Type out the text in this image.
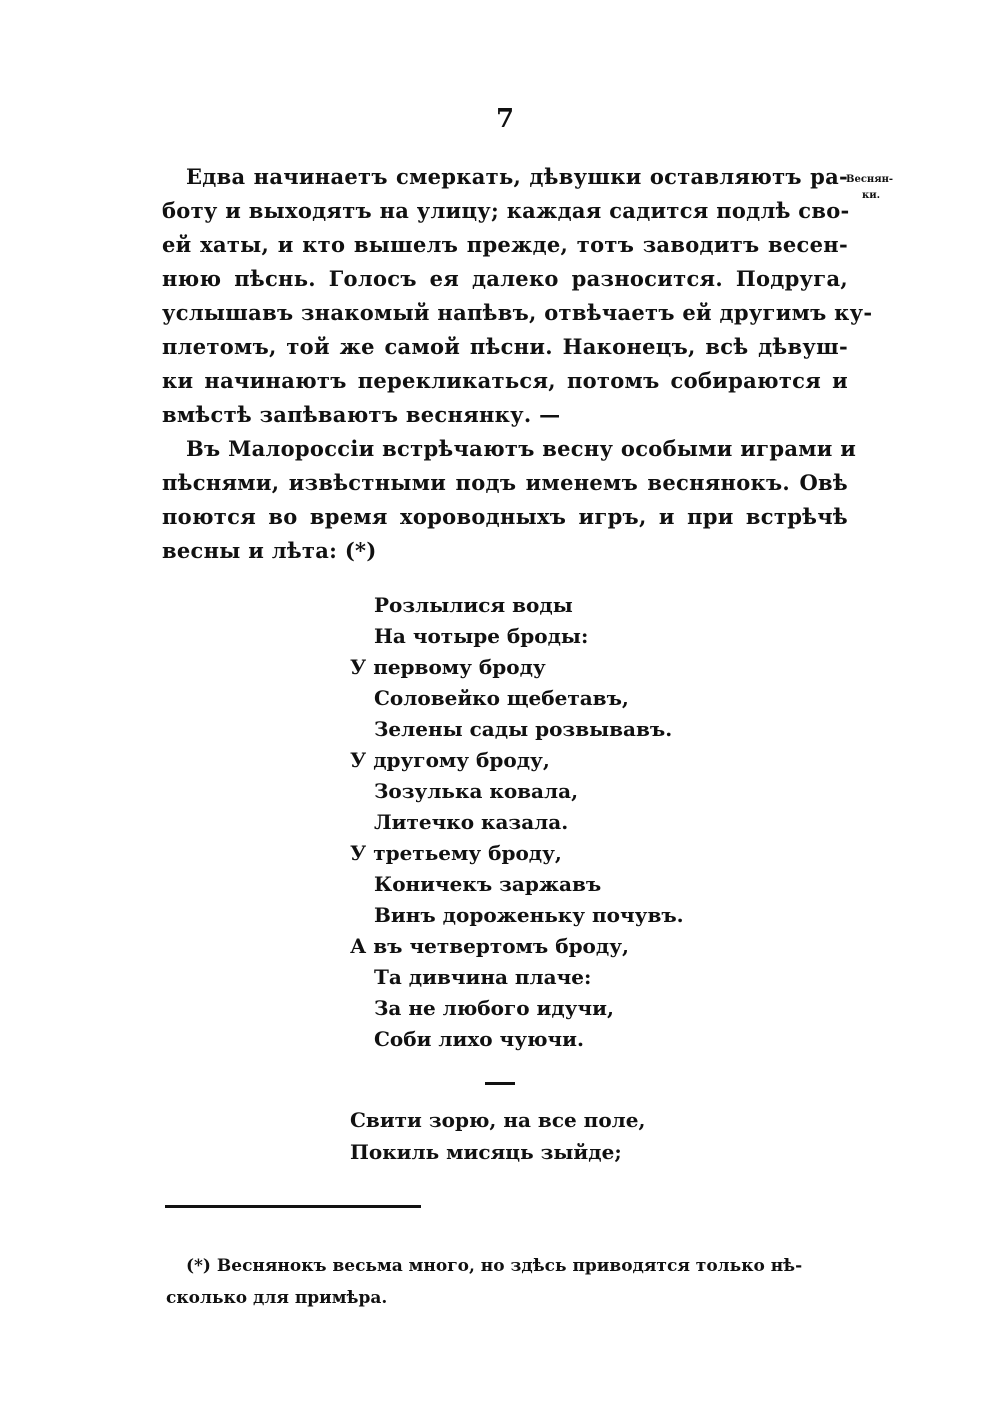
7
Веснян-
ки.
Едва начинаетъ смеркать, дѣвушки оставляютъ ра-
боту и выходятъ на улицу; каждая садится подлѣ сво-
ей хаты, и кто вышелъ прежде, тотъ заводитъ весен-
нюю пѣснь. Голосъ ея далеко разносится. Подруга,
услышавъ знакомый напѣвъ, отвѣчаетъ ей другимъ ку-
плетомъ, той же самой пѣсни. Наконецъ, всѣ дѣвуш-
ки начинаютъ перекликаться, потомъ собираются и
вмѣстѣ запѣваютъ веснянку. —
Въ Малороссіи встрѣчаютъ весну особыми играми и
пѣснями, извѣстными подъ именемъ веснянокъ. Овѣ
поются во время хороводныхъ игръ, и при встрѣчѣ
весны и лѣта: (*)
Розлылися воды
На чотыре броды:
У первому броду
Соловейко щебетавъ,
Зелены сады розвывавъ.
У другому броду,
Зозулька ковала,
Литечко казала.
У третьему броду,
Коничекъ заржавъ
Винъ дороженьку почувъ.
А въ четвертомъ броду,
Та дивчина плаче:
За не любого идучи,
Соби лихо чуючи.
Свити зорю, на все поле,
Покиль мисяць зыйде;
(*) Веснянокъ весьма много, но здѣсь приводятся только нѣ-
сколько для примѣра.
